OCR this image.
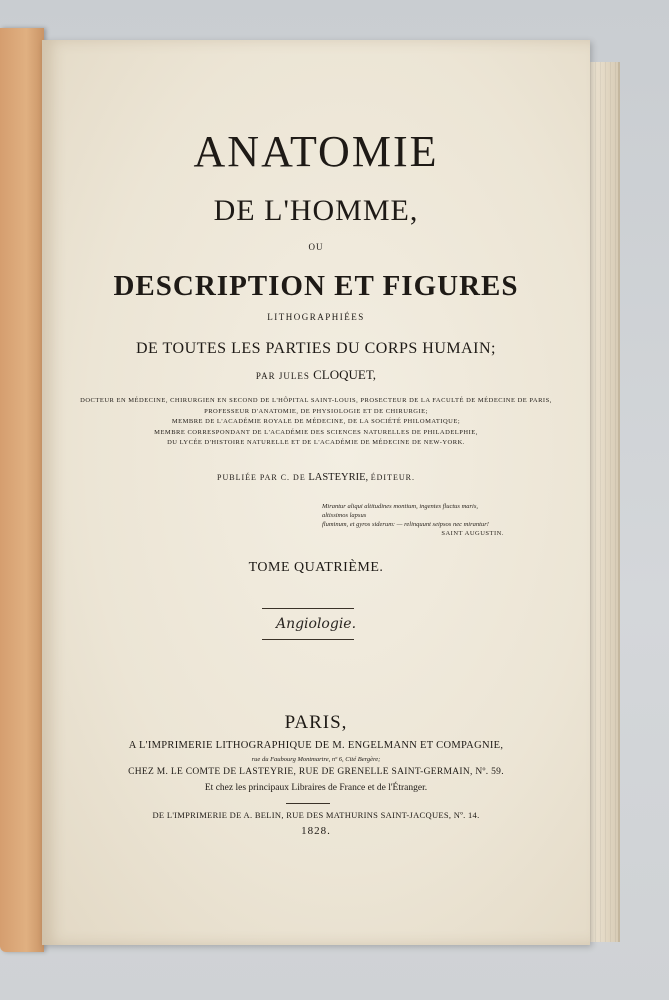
ANATOMIE
DE L'HOMME,
OU
DESCRIPTION ET FIGURES
LITHOGRAPHIÉES
DE TOUTES LES PARTIES DU CORPS HUMAIN;
PAR JULES CLOQUET,
DOCTEUR EN MÉDECINE, CHIRURGIEN EN SECOND DE L'HÔPITAL SAINT-LOUIS, PROSECTEUR DE LA FACULTÉ DE MÉDECINE DE PARIS,
PROFESSEUR D'ANATOMIE, DE PHYSIOLOGIE ET DE CHIRURGIE;
MEMBRE DE L'ACADÉMIE ROYALE DE MÉDECINE, DE LA SOCIÉTÉ PHILOMATIQUE;
MEMBRE CORRESPONDANT DE L'ACADÉMIE DES SCIENCES NATURELLES DE PHILADELPHIE,
DU LYCÉE D'HISTOIRE NATURELLE ET DE L'ACADÉMIE DE MÉDECINE DE NEW-YORK.
PUBLIÉE PAR C. DE LASTEYRIE, ÉDITEUR.
Mirantur aliqui altitudines montium, ingentes fluctus maris, altissimos lapsus
fluminum, et gyros siderum: — relinquunt seipsos nec mirantur!
SAINT AUGUSTIN.
TOME QUATRIÈME.
Angiologie.
PARIS,
A L'IMPRIMERIE LITHOGRAPHIQUE DE M. ENGELMANN ET COMPAGNIE,
rue du Faubourg Montmartre, nº 6, Cité Bergère;
CHEZ M. LE COMTE DE LASTEYRIE, RUE DE GRENELLE SAINT-GERMAIN, Nº. 59.
Et chez les principaux Libraires de France et de l'Étranger.
DE L'IMPRIMERIE DE A. BELIN, RUE DES MATHURINS SAINT-JACQUES, Nº. 14.
1828.
